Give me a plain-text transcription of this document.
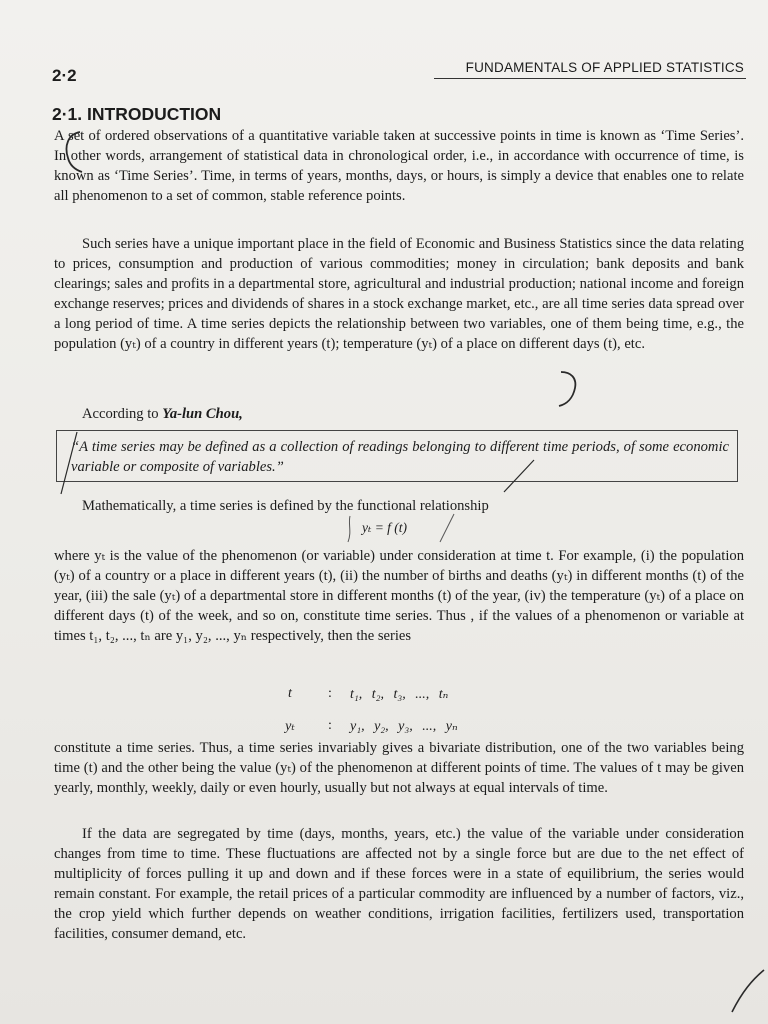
2·2	FUNDAMENTALS OF APPLIED STATISTICS
2·1. INTRODUCTION

A set of ordered observations of a quantitative variable taken at successive points in time is known as ‘Time Series’. In other words, arrangement of statistical data in chronological order, i.e., in accordance with occurrence of time, is known as ‘Time Series’. Time, in terms of years, months, days, or hours, is simply a device that enables one to relate all phenomenon to a set of common, stable reference points.

Such series have a unique important place in the field of Economic and Business Statistics since the data relating to prices, consumption and production of various commodities; money in circulation; bank deposits and bank clearings; sales and profits in a departmental store, agricultural and industrial production; national income and foreign exchange reserves; prices and dividends of shares in a stock exchange market, etc., are all time series data spread over a long period of time. A time series depicts the relationship between two variables, one of them being time, e.g., the population (yₜ) of a country in different years (t); temperature (yₜ) of a place on different days (t), etc.

According to Ya-lun Chou,

“A time series may be defined as a collection of readings belonging to different time periods, of some economic variable or composite of variables.”

Mathematically, a time series is defined by the functional relationship

yₜ = f (t)

where yₜ is the value of the phenomenon (or variable) under consideration at time t. For example, (i) the population (yₜ) of a country or a place in different years (t), (ii) the number of births and deaths (yₜ) in different months (t) of the year, (iii) the sale (yₜ) of a departmental store in different months (t) of the year, (iv) the temperature (yₜ) of a place on different days (t) of the week, and so on, constitute time series. Thus , if the values of a phenomenon or variable at times t₁, t₂, ..., tₙ are y₁, y₂, ..., yₙ respectively, then the series

t	:	t₁, t₂, t₃, ..., tₙ
yₜ	:	y₁, y₂, y₃, ..., yₙ

constitute a time series. Thus, a time series invariably gives a bivariate distribution, one of the two variables being time (t) and the other being the value (yₜ) of the phenomenon at different points of time. The values of t may be given yearly, monthly, weekly, daily or even hourly, usually but not always at equal intervals of time.

If the data are segregated by time (days, months, years, etc.) the value of the variable under consideration changes from time to time. These fluctuations are affected not by a single force but are due to the net effect of multiplicity of forces pulling it up and down and if these forces were in a state of equilibrium, the series would remain constant. For example, the retail prices of a particular commodity are influenced by a number of factors, viz., the crop yield which further depends on weather conditions, irrigation facilities, fertilizers used, transportation facilities, consumer demand, etc.
